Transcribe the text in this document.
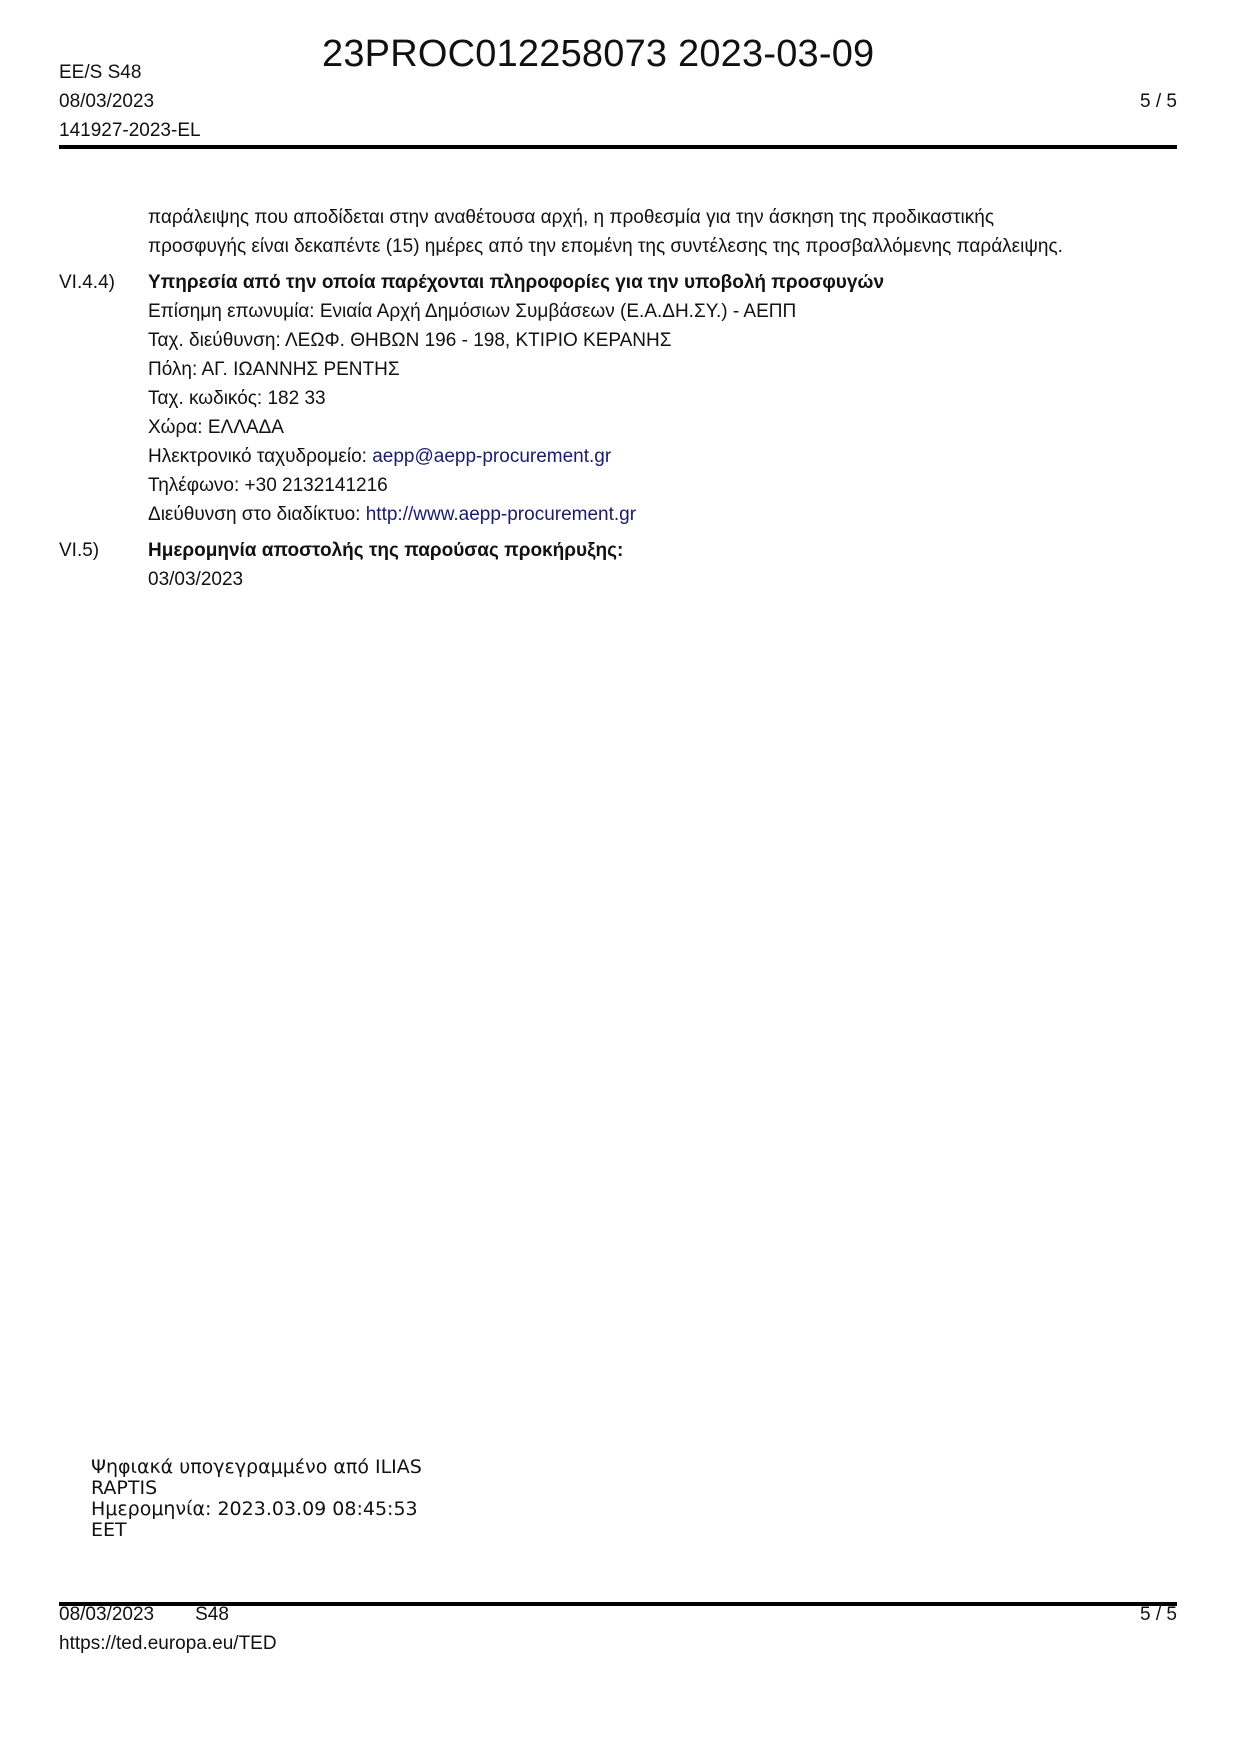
EE/S S48
08/03/2023
141927-2023-EL
23PROC012258073 2023-03-09
5 / 5
παράλειψης που αποδίδεται στην αναθέτουσα αρχή, η προθεσμία για την άσκηση της προδικαστικής
προσφυγής είναι δεκαπέντε (15) ημέρες από την επομένη της συντέλεσης της προσβαλλόμενης παράλειψης.
VI.4.4) Υπηρεσία από την οποία παρέχονται πληροφορίες για την υποβολή προσφυγών
Επίσημη επωνυμία: Ενιαία Αρχή Δημόσιων Συμβάσεων (Ε.Α.ΔΗ.ΣΥ.) - ΑΕΠΠ
Ταχ. διεύθυνση: ΛΕΩΦ. ΘΗΒΩΝ 196 - 198, ΚΤΙΡΙΟ ΚΕΡΑΝΗΣ
Πόλη: ΑΓ. ΙΩΑΝΝΗΣ ΡΕΝΤΗΣ
Ταχ. κωδικός: 182 33
Χώρα: ΕΛΛΑΔΑ
Ηλεκτρονικό ταχυδρομείο: aepp@aepp-procurement.gr
Τηλέφωνο: +30 2132141216
Διεύθυνση στο διαδίκτυο: http://www.aepp-procurement.gr
VI.5)	Ημερομηνία αποστολής της παρούσας προκήρυξης:
03/03/2023
Ψηφιακά υπογεγραμμένο από ILIAS
RAPTIS
Ημερομηνία: 2023.03.09 08:45:53
EET
08/03/2023 S48
https://ted.europa.eu/TED
5 / 5
